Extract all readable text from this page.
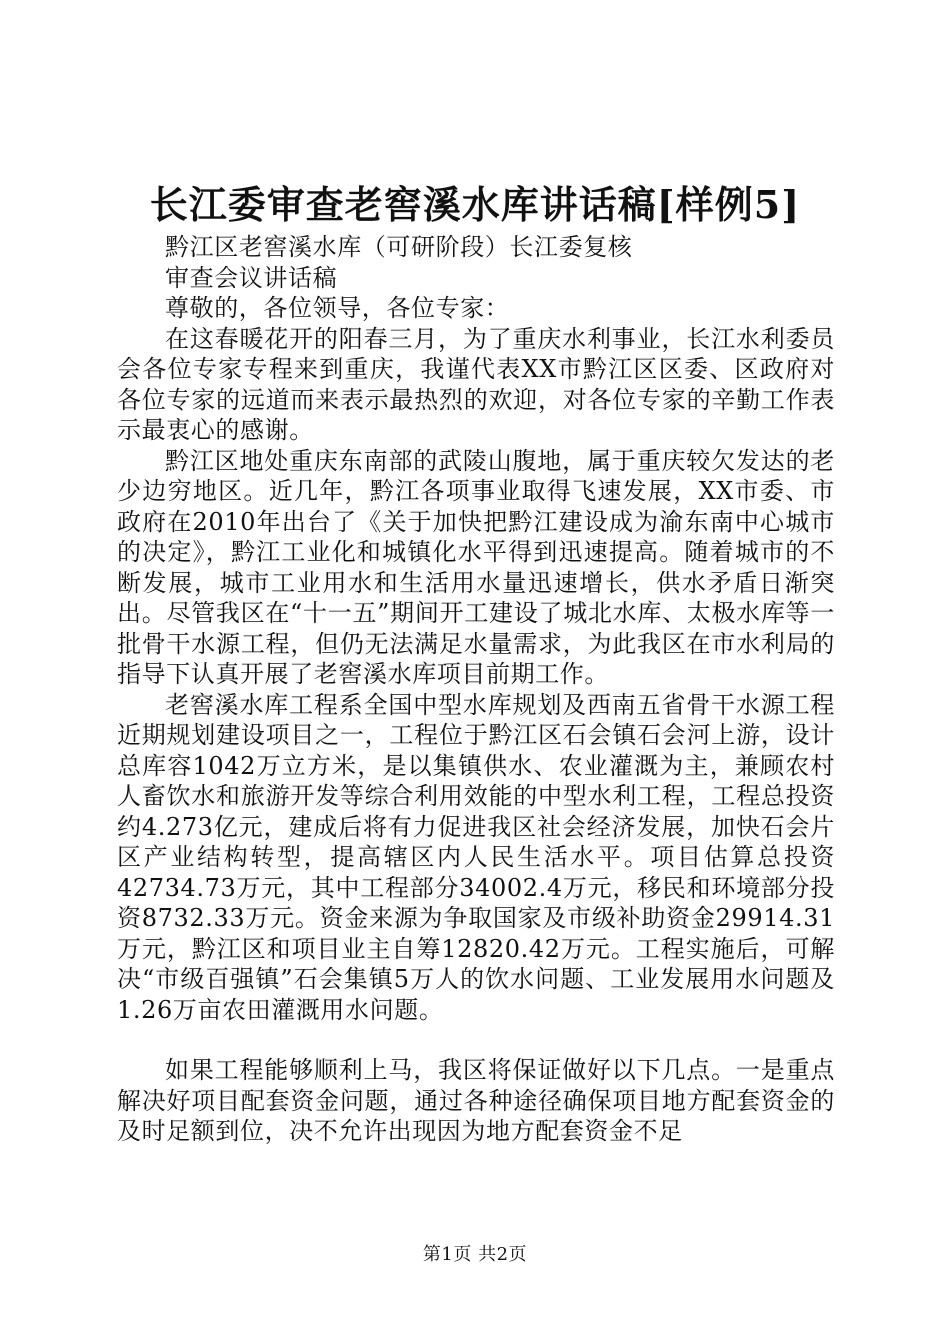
长江委审查老窖溪水库讲话稿[样例5]

黔江区老窖溪水库（可研阶段）长江委复核

审查会议讲话稿

尊敬的，各位领导，各位专家：

在这春暖花开的阳春三月，为了重庆水利事业，长江水利委员会各位专家专程来到重庆，我谨代表XX市黔江区区委、区政府对各位专家的远道而来表示最热烈的欢迎，对各位专家的辛勤工作表示最衷心的感谢。

黔江区地处重庆东南部的武陵山腹地，属于重庆较欠发达的老少边穷地区。近几年，黔江各项事业取得飞速发展，XX市委、市政府在2010年出台了《关于加快把黔江建设成为渝东南中心城市的决定》，黔江工业化和城镇化水平得到迅速提高。随着城市的不断发展，城市工业用水和生活用水量迅速增长，供水矛盾日渐突出。尽管我区在“十一五”期间开工建设了城北水库、太极水库等一批骨干水源工程，但仍无法满足水量需求，为此我区在市水利局的指导下认真开展了老窖溪水库项目前期工作。

老窖溪水库工程系全国中型水库规划及西南五省骨干水源工程近期规划建设项目之一，工程位于黔江区石会镇石会河上游，设计总库容1042万立方米，是以集镇供水、农业灌溉为主，兼顾农村人畜饮水和旅游开发等综合利用效能的中型水利工程，工程总投资约4.273亿元，建成后将有力促进我区社会经济发展，加快石会片区产业结构转型，提高辖区内人民生活水平。项目估算总投资42734.73万元，其中工程部分34002.4万元，移民和环境部分投资8732.33万元。资金来源为争取国家及市级补助资金29914.31万元，黔江区和项目业主自筹12820.42万元。工程实施后，可解决“市级百强镇”石会集镇5万人的饮水问题、工业发展用水问题及1.26万亩农田灌溉用水问题。

如果工程能够顺利上马，我区将保证做好以下几点。一是重点解决好项目配套资金问题，通过各种途径确保项目地方配套资金的及时足额到位，决不允许出现因为地方配套资金不足

第1页 共2页
